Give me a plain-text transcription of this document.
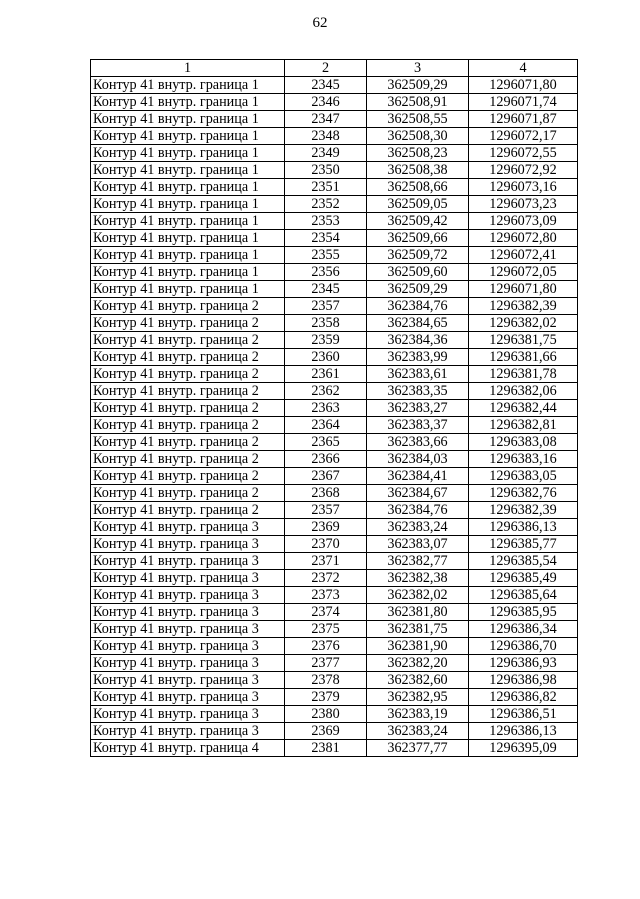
62
1	2	3	4
Контур 41 внутр. граница 1	2345	362509,29	1296071,80
Контур 41 внутр. граница 1	2346	362508,91	1296071,74
Контур 41 внутр. граница 1	2347	362508,55	1296071,87
Контур 41 внутр. граница 1	2348	362508,30	1296072,17
Контур 41 внутр. граница 1	2349	362508,23	1296072,55
Контур 41 внутр. граница 1	2350	362508,38	1296072,92
Контур 41 внутр. граница 1	2351	362508,66	1296073,16
Контур 41 внутр. граница 1	2352	362509,05	1296073,23
Контур 41 внутр. граница 1	2353	362509,42	1296073,09
Контур 41 внутр. граница 1	2354	362509,66	1296072,80
Контур 41 внутр. граница 1	2355	362509,72	1296072,41
Контур 41 внутр. граница 1	2356	362509,60	1296072,05
Контур 41 внутр. граница 1	2345	362509,29	1296071,80
Контур 41 внутр. граница 2	2357	362384,76	1296382,39
Контур 41 внутр. граница 2	2358	362384,65	1296382,02
Контур 41 внутр. граница 2	2359	362384,36	1296381,75
Контур 41 внутр. граница 2	2360	362383,99	1296381,66
Контур 41 внутр. граница 2	2361	362383,61	1296381,78
Контур 41 внутр. граница 2	2362	362383,35	1296382,06
Контур 41 внутр. граница 2	2363	362383,27	1296382,44
Контур 41 внутр. граница 2	2364	362383,37	1296382,81
Контур 41 внутр. граница 2	2365	362383,66	1296383,08
Контур 41 внутр. граница 2	2366	362384,03	1296383,16
Контур 41 внутр. граница 2	2367	362384,41	1296383,05
Контур 41 внутр. граница 2	2368	362384,67	1296382,76
Контур 41 внутр. граница 2	2357	362384,76	1296382,39
Контур 41 внутр. граница 3	2369	362383,24	1296386,13
Контур 41 внутр. граница 3	2370	362383,07	1296385,77
Контур 41 внутр. граница 3	2371	362382,77	1296385,54
Контур 41 внутр. граница 3	2372	362382,38	1296385,49
Контур 41 внутр. граница 3	2373	362382,02	1296385,64
Контур 41 внутр. граница 3	2374	362381,80	1296385,95
Контур 41 внутр. граница 3	2375	362381,75	1296386,34
Контур 41 внутр. граница 3	2376	362381,90	1296386,70
Контур 41 внутр. граница 3	2377	362382,20	1296386,93
Контур 41 внутр. граница 3	2378	362382,60	1296386,98
Контур 41 внутр. граница 3	2379	362382,95	1296386,82
Контур 41 внутр. граница 3	2380	362383,19	1296386,51
Контур 41 внутр. граница 3	2369	362383,24	1296386,13
Контур 41 внутр. граница 4	2381	362377,77	1296395,09
